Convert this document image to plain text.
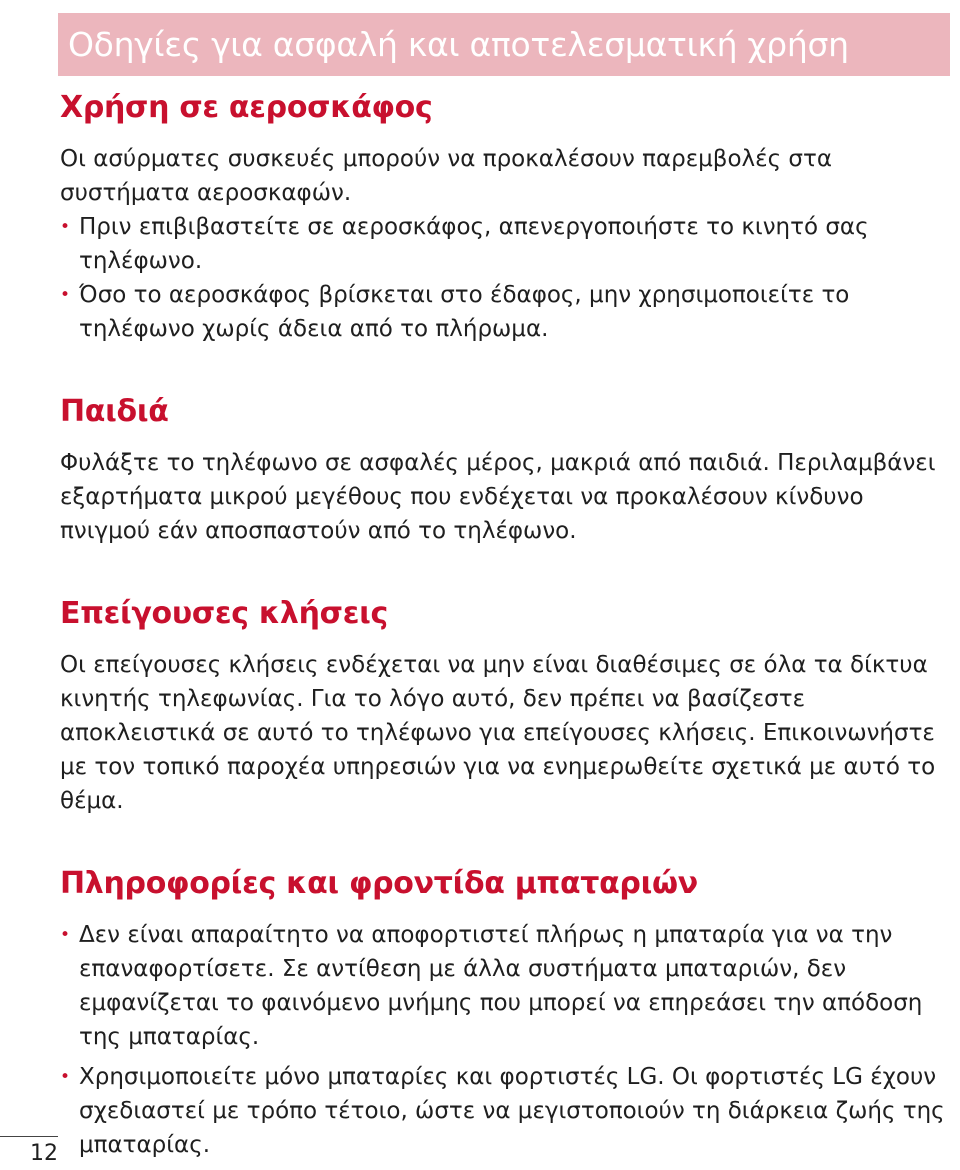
Οδηγίες για ασφαλή και αποτελεσματική χρήση
Χρήση σε αεροσκάφος

Οι ασύρματες συσκευές μπορούν να προκαλέσουν παρεμβολές στα συστήματα αεροσκαφών.

• Πριν επιβιβαστείτε σε αεροσκάφος, απενεργοποιήστε το κινητό σας τηλέφωνο.
• Όσο το αεροσκάφος βρίσκεται στο έδαφος, μην χρησιμοποιείτε το τηλέφωνο χωρίς άδεια από το πλήρωμα.
Παιδιά

Φυλάξτε το τηλέφωνο σε ασφαλές μέρος, μακριά από παιδιά. Περιλαμβάνει εξαρτήματα μικρού μεγέθους που ενδέχεται να προκαλέσουν κίνδυνο πνιγμού εάν αποσπαστούν από το τηλέφωνο.

Επείγουσες κλήσεις

Οι επείγουσες κλήσεις ενδέχεται να μην είναι διαθέσιμες σε όλα τα δίκτυα κινητής τηλεφωνίας. Για το λόγο αυτό, δεν πρέπει να βασίζεστε αποκλειστικά σε αυτό το τηλέφωνο για επείγουσες κλήσεις. Επικοινωνήστε με τον τοπικό παροχέα υπηρεσιών για να ενημερωθείτε σχετικά με αυτό το θέμα.

Πληροφορίες και φροντίδα μπαταριών
• Δεν είναι απαραίτητο να αποφορτιστεί πλήρως η μπαταρία για να την επαναφορτίσετε. Σε αντίθεση με άλλα συστήματα μπαταριών, δεν εμφανίζεται το φαινόμενο μνήμης που μπορεί να επηρεάσει την απόδοση της μπαταρίας.
• Χρησιμοποιείτε μόνο μπαταρίες και φορτιστές LG. Οι φορτιστές LG έχουν σχεδιαστεί με τρόπο τέτοιο, ώστε να μεγιστοποιούν τη διάρκεια ζωής της μπαταρίας.
12
